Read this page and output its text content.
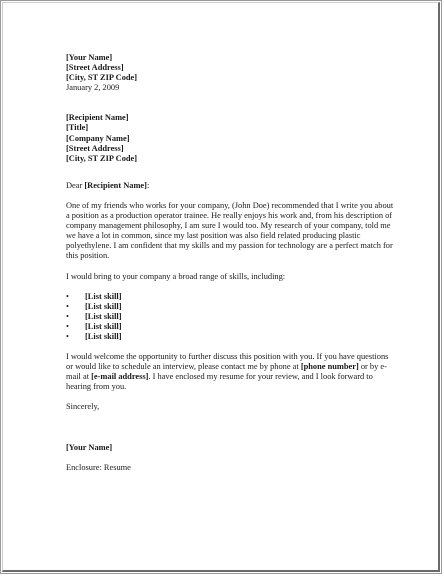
[Your Name]
[Street Address]
[City, ST ZIP Code]
January 2, 2009
[Recipient Name]
[Title]
[Company Name]
[Street Address]
[City, ST ZIP Code]
Dear [Recipient Name]:

One of my friends who works for your company, (John Doe) recommended that I write you about a position as a production operator trainee. He really enjoys his work and, from his description of company management philosophy, I am sure I would too. My research of your company, told me we have a lot in common, since my last position was also field related producing plastic polyethylene. I am confident that my skills and my passion for technology are a perfect match for this position.

I would bring to your company a broad range of skills, including:

• [List skill]
• [List skill]
• [List skill]
• [List skill]
• [List skill]

I would welcome the opportunity to further discuss this position with you. If you have questions or would like to schedule an interview, please contact me by phone at [phone number] or by e-mail at [e-mail address]. I have enclosed my resume for your review, and I look forward to hearing from you.

Sincerely,
[Your Name]
Enclosure: Resume
